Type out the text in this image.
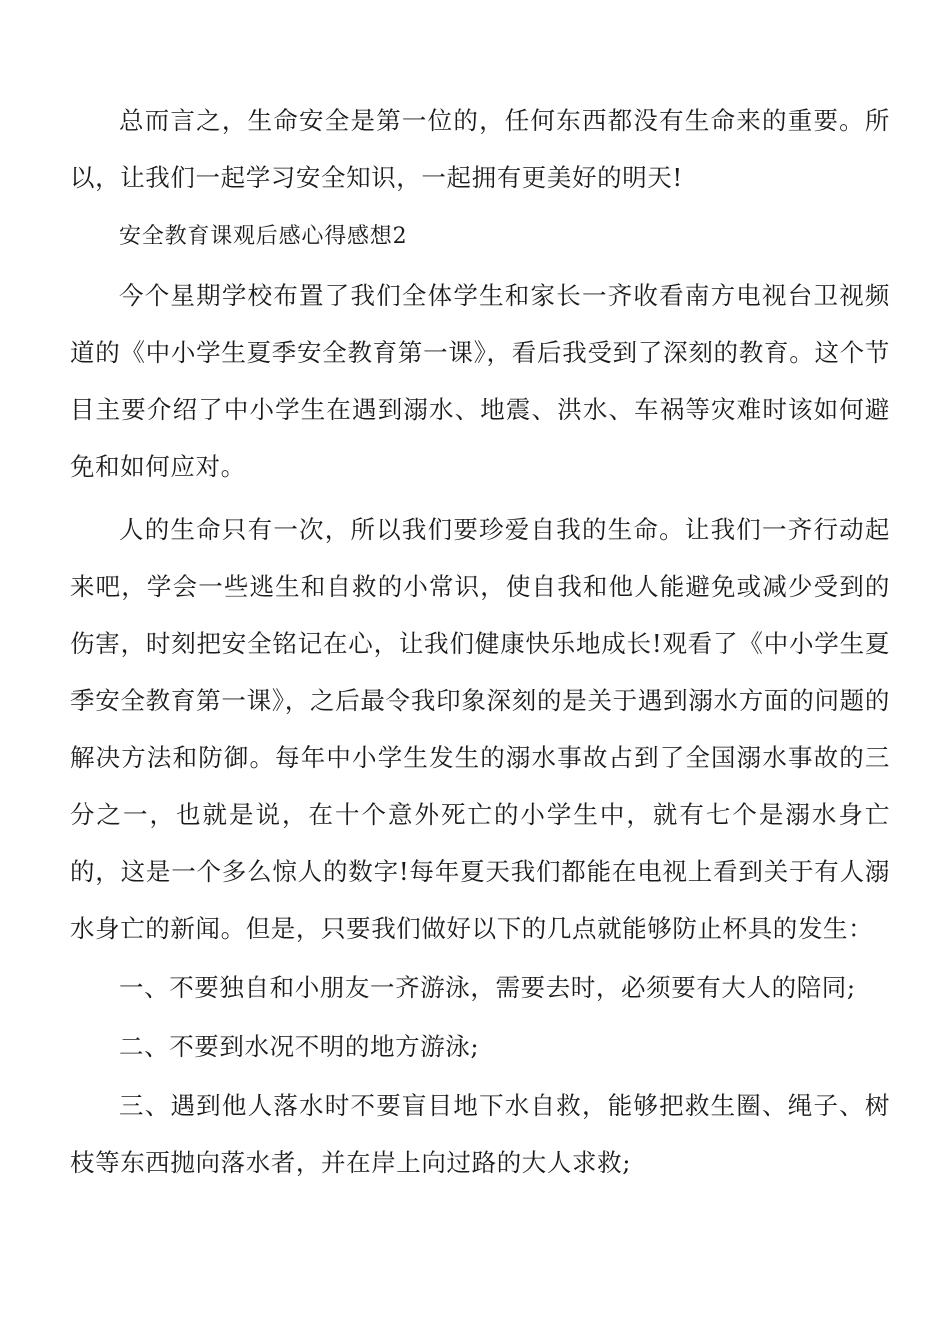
总而言之，生命安全是第一位的，任何东西都没有生命来的重要。所以，让我们一起学习安全知识，一起拥有更美好的明天!

安全教育课观后感心得感想2

今个星期学校布置了我们全体学生和家长一齐收看南方电视台卫视频道的《中小学生夏季安全教育第一课》，看后我受到了深刻的教育。这个节目主要介绍了中小学生在遇到溺水、地震、洪水、车祸等灾难时该如何避免和如何应对。

人的生命只有一次，所以我们要珍爱自我的生命。让我们一齐行动起来吧，学会一些逃生和自救的小常识，使自我和他人能避免或减少受到的伤害，时刻把安全铭记在心，让我们健康快乐地成长!观看了《中小学生夏季安全教育第一课》，之后最令我印象深刻的是关于遇到溺水方面的问题的解决方法和防御。每年中小学生发生的溺水事故占到了全国溺水事故的三分之一，也就是说，在十个意外死亡的小学生中，就有七个是溺水身亡的，这是一个多么惊人的数字!每年夏天我们都能在电视上看到关于有人溺水身亡的新闻。但是，只要我们做好以下的几点就能够防止杯具的发生：

一、不要独自和小朋友一齐游泳，需要去时，必须要有大人的陪同;

二、不要到水况不明的地方游泳;

三、遇到他人落水时不要盲目地下水自救，能够把救生圈、绳子、树枝等东西抛向落水者，并在岸上向过路的大人求救;
